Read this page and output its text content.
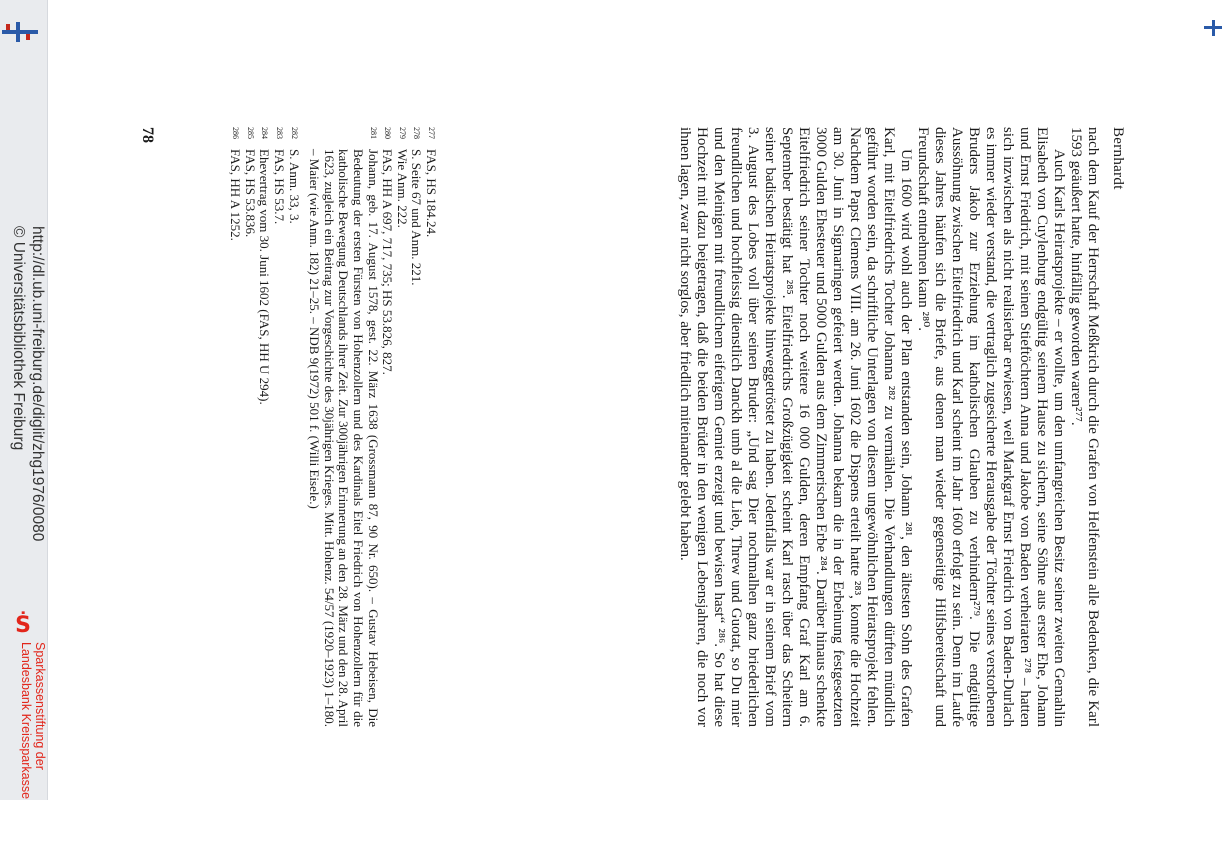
http://dl.ub.uni-freiburg.de/diglit/zhg1976/0080
© Universitätsbibliothek Freiburg
Ṡ
Sparkassenstiftung der
Landesbank Kreissparkasse
Bernhardt

nach dem Kauf der Herrschaft Meßkrich durch die Grafen von Helfenstein alle Bedenken, die Karl 1593 geäußert hatte, hinfällig geworden waren²⁷⁷.

Auch Karls Heiratsprojekte – er wollte, um den umfangreichen Besitz seiner zweiten Gemahlin Elisabeth von Cuylenburg endgültig seinem Hause zu sichern, seine Söhne aus erster Ehe, Johann und Ernst Friedrich, mit seinen Stieftöchtern Anna und Jakobe von Baden verheiraten ²⁷⁸ – hatten sich inzwischen als nicht realisierbar erwiesen, weil Markgraf Ernst Friedrich von Baden-Durlach es immer wieder verstand, die vertraglich zugesicherte Herausgabe der Töchter seines verstorbenen Bruders Jakob zur Erziehung im katholischen Glauben zu verhindern²⁷⁹. Die endgültige Aussöhnung zwischen Eitelfriedrich und Karl scheint im Jahr 1600 erfolgt zu sein. Denn im Laufe dieses Jahres häufen sich die Briefe, aus denen man wieder gegenseitige Hilfsbereitschaft und Freundschaft entnehmen kann ²⁸⁰.

Um 1600 wird wohl auch der Plan entstanden sein, Johann ²⁸¹, den ältesten Sohn des Grafen Karl, mit Eitelfriedrichs Tochter Johanna ²⁸² zu vermählen. Die Verhandlungen dürften mündlich geführt worden sein, da schriftliche Unterlagen von diesem ungewöhnlichen Heiratsprojekt fehlen. Nachdem Papst Clemens VIII. am 26. Juni 1602 die Dispens erteilt hatte ²⁸³, konnte die Hochzeit am 30. Juni in Sigmaringen gefeiert werden. Johanna bekam die in der Erbeinung festgesetzten 3000 Gulden Ehesteuer und 5000 Gulden aus dem Zimmerischen Erbe ²⁸⁴. Darüber hinaus schenkte Eitelfriedrich seiner Tochter noch weitere 16 000 Gulden, deren Empfang Graf Karl am 6. September bestätigt hat ²⁸⁵. Eitelfriedrichs Großzügigkeit scheint Karl rasch über das Scheitern seiner badischen Heiratsprojekte hinweggetröstet zu haben. Jedenfalls war er in seinem Brief vom 3. August des Lobes voll über seinen Bruder: „Und sag Dier nochmalhen ganz briederlichen freundlichen und hochfleissig dienstlich Danckh umb al die Lieb, Threw und Guotat, so Du mier und den Meinigen mit freundlichem eiferigem Gemiet erzeigt und bewisen hast“ ²⁸⁶. So hat diese Hochzeit mit dazu beigetragen, daß die beiden Brüder in den wenigen Lebensjahren, die noch vor ihnen lagen, zwar nicht sorglos, aber friedlich miteinander gelebt haben.

277
FAS, HS 184.24.
278
S. Seite 67 und Anm. 221.
279
Wie Anm. 222.
280
FAS, HH A 697, 717, 735; HS 53.826, 827.
281
Johann, geb. 17. August 1578, gest. 22. März 1638 (Grossmann 87, 90 Nr. 650). – Gustav Hebeisen, Die Bedeutung der ersten Fürsten von Hohenzollern und des Kardinals Eitel Friedrich von Hohenzollern für die katholische Bewegung Deutschlands ihrer Zeit. Zur 300jährigen Erinnerung an den 28. März und den 28. April 1623, zugleich ein Beitrag zur Vorgeschichte des 30jährigen Krieges. Mitt. Hohenz. 54/57 (1920–1923) 1–180. – Maier (wie Anm. 182) 21–25. – NDB 9(1972) 501 f. (Willi Eisele.)
282
S. Anm. 33, 3.
283
FAS, HS 53.7.
284
Ehevertrag vom 30. Juni 1602 (FAS, HH U 294).
285
FAS, HS 53.836.
286
FAS, HH A 1252.
78
